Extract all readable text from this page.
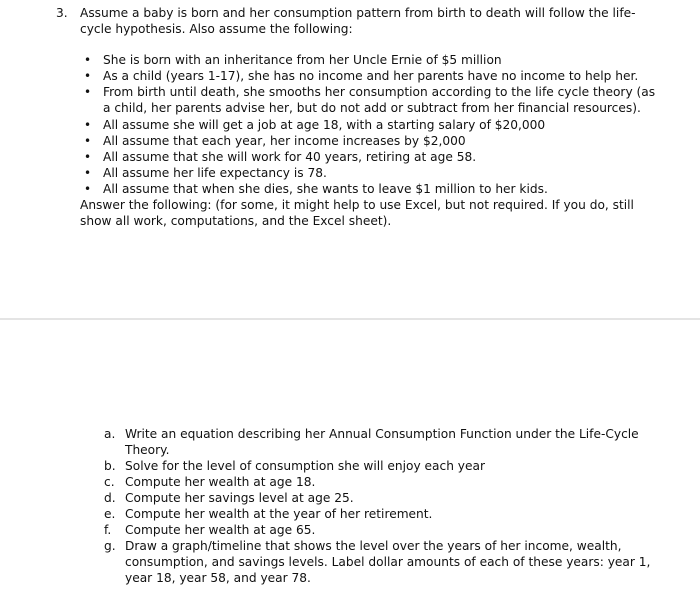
3. Assume a baby is born and her consumption pattern from birth to death will follow the life-
cycle hypothesis. Also assume the following:
• She is born with an inheritance from her Uncle Ernie of $5 million
• As a child (years 1-17), she has no income and her parents have no income to help her.
• From birth until death, she smooths her consumption according to the life cycle theory (as
a child, her parents advise her, but do not add or subtract from her financial resources).
• All assume she will get a job at age 18, with a starting salary of $20,000
• All assume that each year, her income increases by $2,000
• All assume that she will work for 40 years, retiring at age 58.
• All assume her life expectancy is 78.
• All assume that when she dies, she wants to leave $1 million to her kids.
Answer the following: (for some, it might help to use Excel, but not required. If you do, still
show all work, computations, and the Excel sheet).
a. Write an equation describing her Annual Consumption Function under the Life-Cycle
Theory.
b. Solve for the level of consumption she will enjoy each year
c. Compute her wealth at age 18.
d. Compute her savings level at age 25.
e. Compute her wealth at the year of her retirement.
f. Compute her wealth at age 65.
g. Draw a graph/timeline that shows the level over the years of her income, wealth,
consumption, and savings levels. Label dollar amounts of each of these years: year 1,
year 18, year 58, and year 78.
